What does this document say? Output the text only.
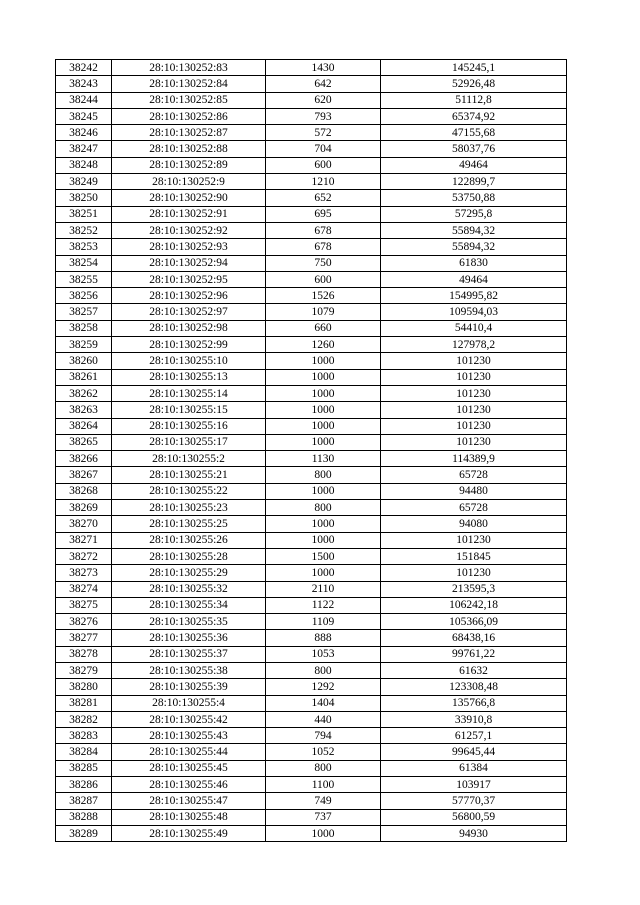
38242	28:10:130252:83	1430	145245,1
38243	28:10:130252:84	642	52926,48
38244	28:10:130252:85	620	51112,8
38245	28:10:130252:86	793	65374,92
38246	28:10:130252:87	572	47155,68
38247	28:10:130252:88	704	58037,76
38248	28:10:130252:89	600	49464
38249	28:10:130252:9	1210	122899,7
38250	28:10:130252:90	652	53750,88
38251	28:10:130252:91	695	57295,8
38252	28:10:130252:92	678	55894,32
38253	28:10:130252:93	678	55894,32
38254	28:10:130252:94	750	61830
38255	28:10:130252:95	600	49464
38256	28:10:130252:96	1526	154995,82
38257	28:10:130252:97	1079	109594,03
38258	28:10:130252:98	660	54410,4
38259	28:10:130252:99	1260	127978,2
38260	28:10:130255:10	1000	101230
38261	28:10:130255:13	1000	101230
38262	28:10:130255:14	1000	101230
38263	28:10:130255:15	1000	101230
38264	28:10:130255:16	1000	101230
38265	28:10:130255:17	1000	101230
38266	28:10:130255:2	1130	114389,9
38267	28:10:130255:21	800	65728
38268	28:10:130255:22	1000	94480
38269	28:10:130255:23	800	65728
38270	28:10:130255:25	1000	94080
38271	28:10:130255:26	1000	101230
38272	28:10:130255:28	1500	151845
38273	28:10:130255:29	1000	101230
38274	28:10:130255:32	2110	213595,3
38275	28:10:130255:34	1122	106242,18
38276	28:10:130255:35	1109	105366,09
38277	28:10:130255:36	888	68438,16
38278	28:10:130255:37	1053	99761,22
38279	28:10:130255:38	800	61632
38280	28:10:130255:39	1292	123308,48
38281	28:10:130255:4	1404	135766,8
38282	28:10:130255:42	440	33910,8
38283	28:10:130255:43	794	61257,1
38284	28:10:130255:44	1052	99645,44
38285	28:10:130255:45	800	61384
38286	28:10:130255:46	1100	103917
38287	28:10:130255:47	749	57770,37
38288	28:10:130255:48	737	56800,59
38289	28:10:130255:49	1000	94930
